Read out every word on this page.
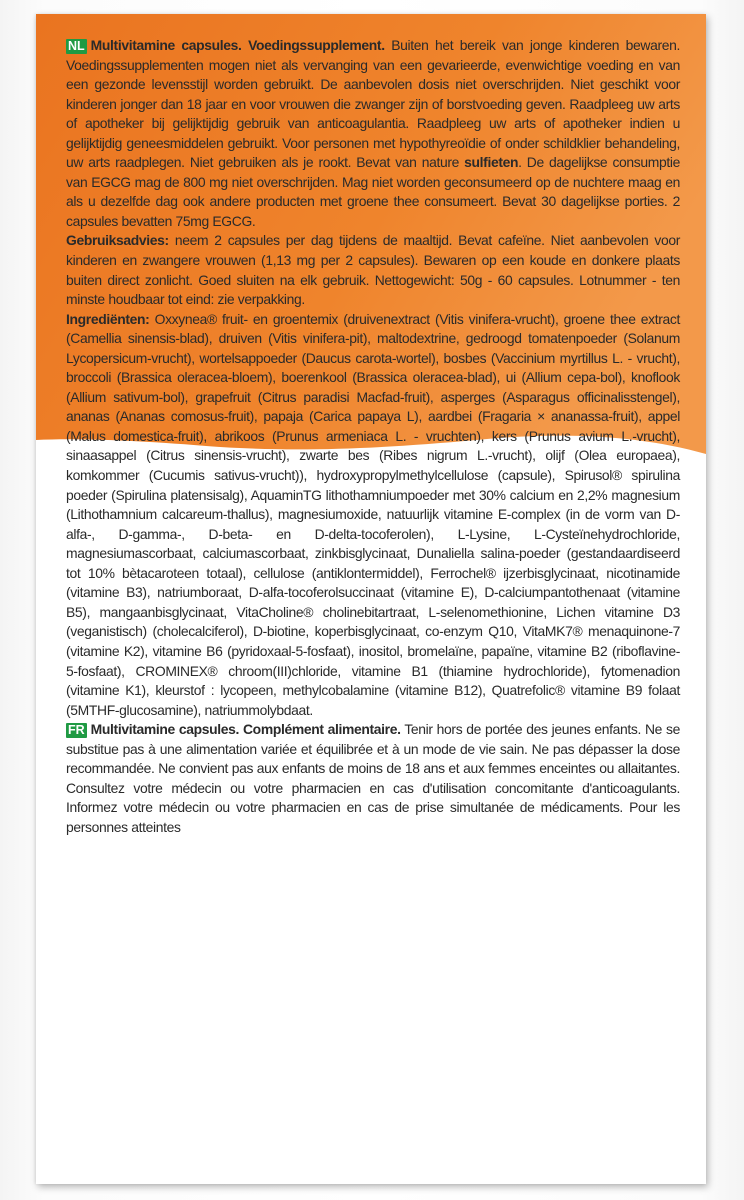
NL Multivitamine capsules. Voedingssupplement. Buiten het bereik van jonge kinderen bewaren. Voedingssupplementen mogen niet als vervanging van een gevarieerde, evenwichtige voeding en van een gezonde levensstijl worden gebruikt. De aanbevolen dosis niet overschrijden. Niet geschikt voor kinderen jonger dan 18 jaar en voor vrouwen die zwanger zijn of borstvoeding geven. Raadpleeg uw arts of apotheker bij gelijktijdig gebruik van anticoagulantia. Raadpleeg uw arts of apotheker indien u gelijktijdig geneesmiddelen gebruikt. Voor personen met hypothyreoïdie of onder schildklier behandeling, uw arts raadplegen. Niet gebruiken als je rookt. Bevat van nature sulfieten. De dagelijkse consumptie van EGCG mag de 800 mg niet overschrijden. Mag niet worden geconsumeerd op de nuchtere maag en als u dezelfde dag ook andere producten met groene thee consumeert. Bevat 30 dagelijkse porties. 2 capsules bevatten 75mg EGCG.
Gebruiksadvies: neem 2 capsules per dag tijdens de maaltijd. Bevat cafeïne. Niet aanbevolen voor kinderen en zwangere vrouwen (1,13 mg per 2 capsules). Bewaren op een koude en donkere plaats buiten direct zonlicht. Goed sluiten na elk gebruik. Nettogewicht: 50g - 60 capsules. Lotnummer - ten minste houdbaar tot eind: zie verpakking.
Ingrediënten: Oxxynea® fruit- en groentemix (druivenextract (Vitis vinifera-vrucht), groene thee extract (Camellia sinensis-blad), druiven (Vitis vinifera-pit), maltodextrine, gedroogd tomatenpoeder (Solanum Lycopersicum-vrucht), wortelsappoeder (Daucus carota-wortel), bosbes (Vaccinium myrtillus L. - vrucht), broccoli (Brassica oleracea-bloem), boerenkool (Brassica oleracea-blad), ui (Allium cepa-bol), knoflook (Allium sativum-bol), grapefruit (Citrus paradisi Macfad-fruit), asperges (Asparagus officinalisstengel), ananas (Ananas comosus-fruit), papaja (Carica papaya L), aardbei (Fragaria × ananassa-fruit), appel (Malus domestica-fruit), abrikoos (Prunus armeniaca L. - vruchten), kers (Prunus avium L.-vrucht), sinaasappel (Citrus sinensis-vrucht), zwarte bes (Ribes nigrum L.-vrucht), olijf (Olea europaea), komkommer (Cucumis sativus-vrucht)), hydroxypropylmethylcellulose (capsule), Spirusol® spirulina poeder (Spirulina platensisalg), AquaminTG lithothamniumpoeder met 30% calcium en 2,2% magnesium (Lithothamnium calcareum-thallus), magnesiumoxide, natuurlijk vitamine E-complex (in de vorm van D-alfa-, D-gamma-, D-beta- en D-delta-tocoferolen), L-Lysine, L-Cysteïnehydrochloride, magnesiumascorbaat, calciumascorbaat, zinkbisglycinaat, Dunaliella salina-poeder (gestandaardiseerd tot 10% bètacaroteen totaal), cellulose (antiklontermiddel), Ferrochel® ijzerbisglycinaat, nicotinamide (vitamine B3), natriumboraat, D-alfa-tocoferolsuccinaat (vitamine E), D-calciumpantothenaat (vitamine B5), mangaanbisglycinaat, VitaCholine® cholinebitartraat, L-selenomethionine, Lichen vitamine D3 (veganistisch) (cholecalciferol), D-biotine, koperbisglycinaat, co-enzym Q10, VitaMK7® menaquinone-7 (vitamine K2), vitamine B6 (pyridoxaal-5-fosfaat), inositol, bromelaïne, papaïne, vitamine B2 (riboflavine-5-fosfaat), CROMINEX® chroom(III)chloride, vitamine B1 (thiamine hydrochloride), fytomenadion (vitamine K1), kleurstof : lycopeen, methylcobalamine (vitamine B12), Quatrefolic® vitamine B9 folaat (5MTHF-glucosamine), natriummolybdaat.

FR Multivitamine capsules. Complément alimentaire. Tenir hors de portée des jeunes enfants. Ne se substitue pas à une alimentation variée et équilibrée et à un mode de vie sain. Ne pas dépasser la dose recommandée. Ne convient pas aux enfants de moins de 18 ans et aux femmes enceintes ou allaitantes. Consultez votre médecin ou votre pharmacien en cas d'utilisation concomitante d'anticoagulants. Informez votre médecin ou votre pharmacien en cas de prise simultanée de médicaments. Pour les personnes atteintes
